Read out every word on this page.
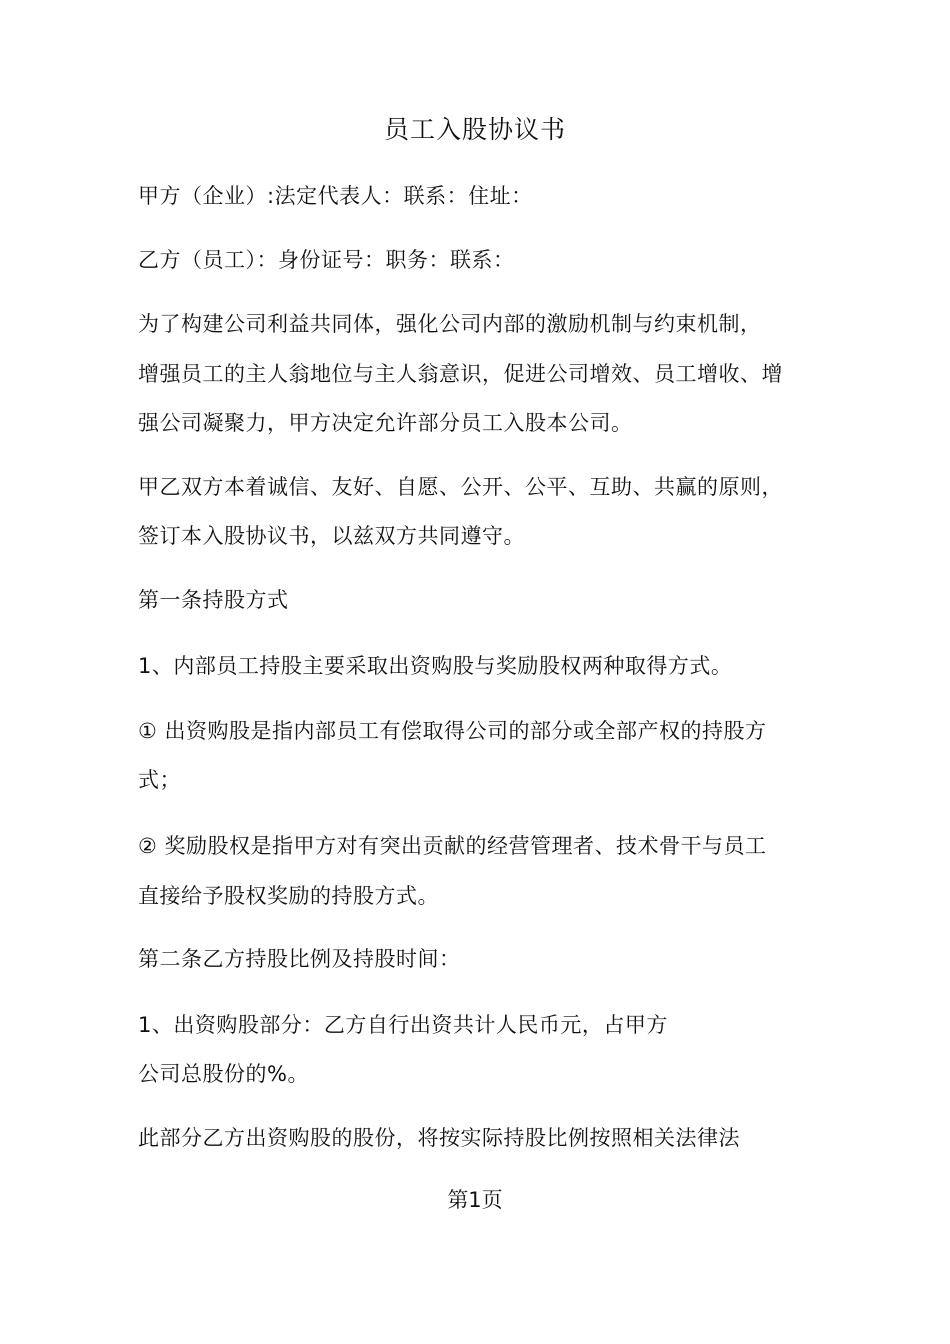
员工入股协议书
甲方（企业）:法定代表人：联系：住址：
乙方（员工）：身份证号：职务：联系：
为了构建公司利益共同体，强化公司内部的激励机制与约束机制，
增强员工的主人翁地位与主人翁意识，促进公司增效、员工增收、增
强公司凝聚力，甲方决定允许部分员工入股本公司。
甲乙双方本着诚信、友好、自愿、公开、公平、互助、共赢的原则，
签订本入股协议书，以兹双方共同遵守。
第一条持股方式
1、内部员工持股主要采取出资购股与奖励股权两种取得方式。
① 出资购股是指内部员工有偿取得公司的部分或全部产权的持股方
式；
② 奖励股权是指甲方对有突出贡献的经营管理者、技术骨干与员工
直接给予股权奖励的持股方式。
第二条乙方持股比例及持股时间：
1、出资购股部分：乙方自行出资共计人民币元，占甲方
公司总股份的%。
此部分乙方出资购股的股份，将按实际持股比例按照相关法律法
第1页
